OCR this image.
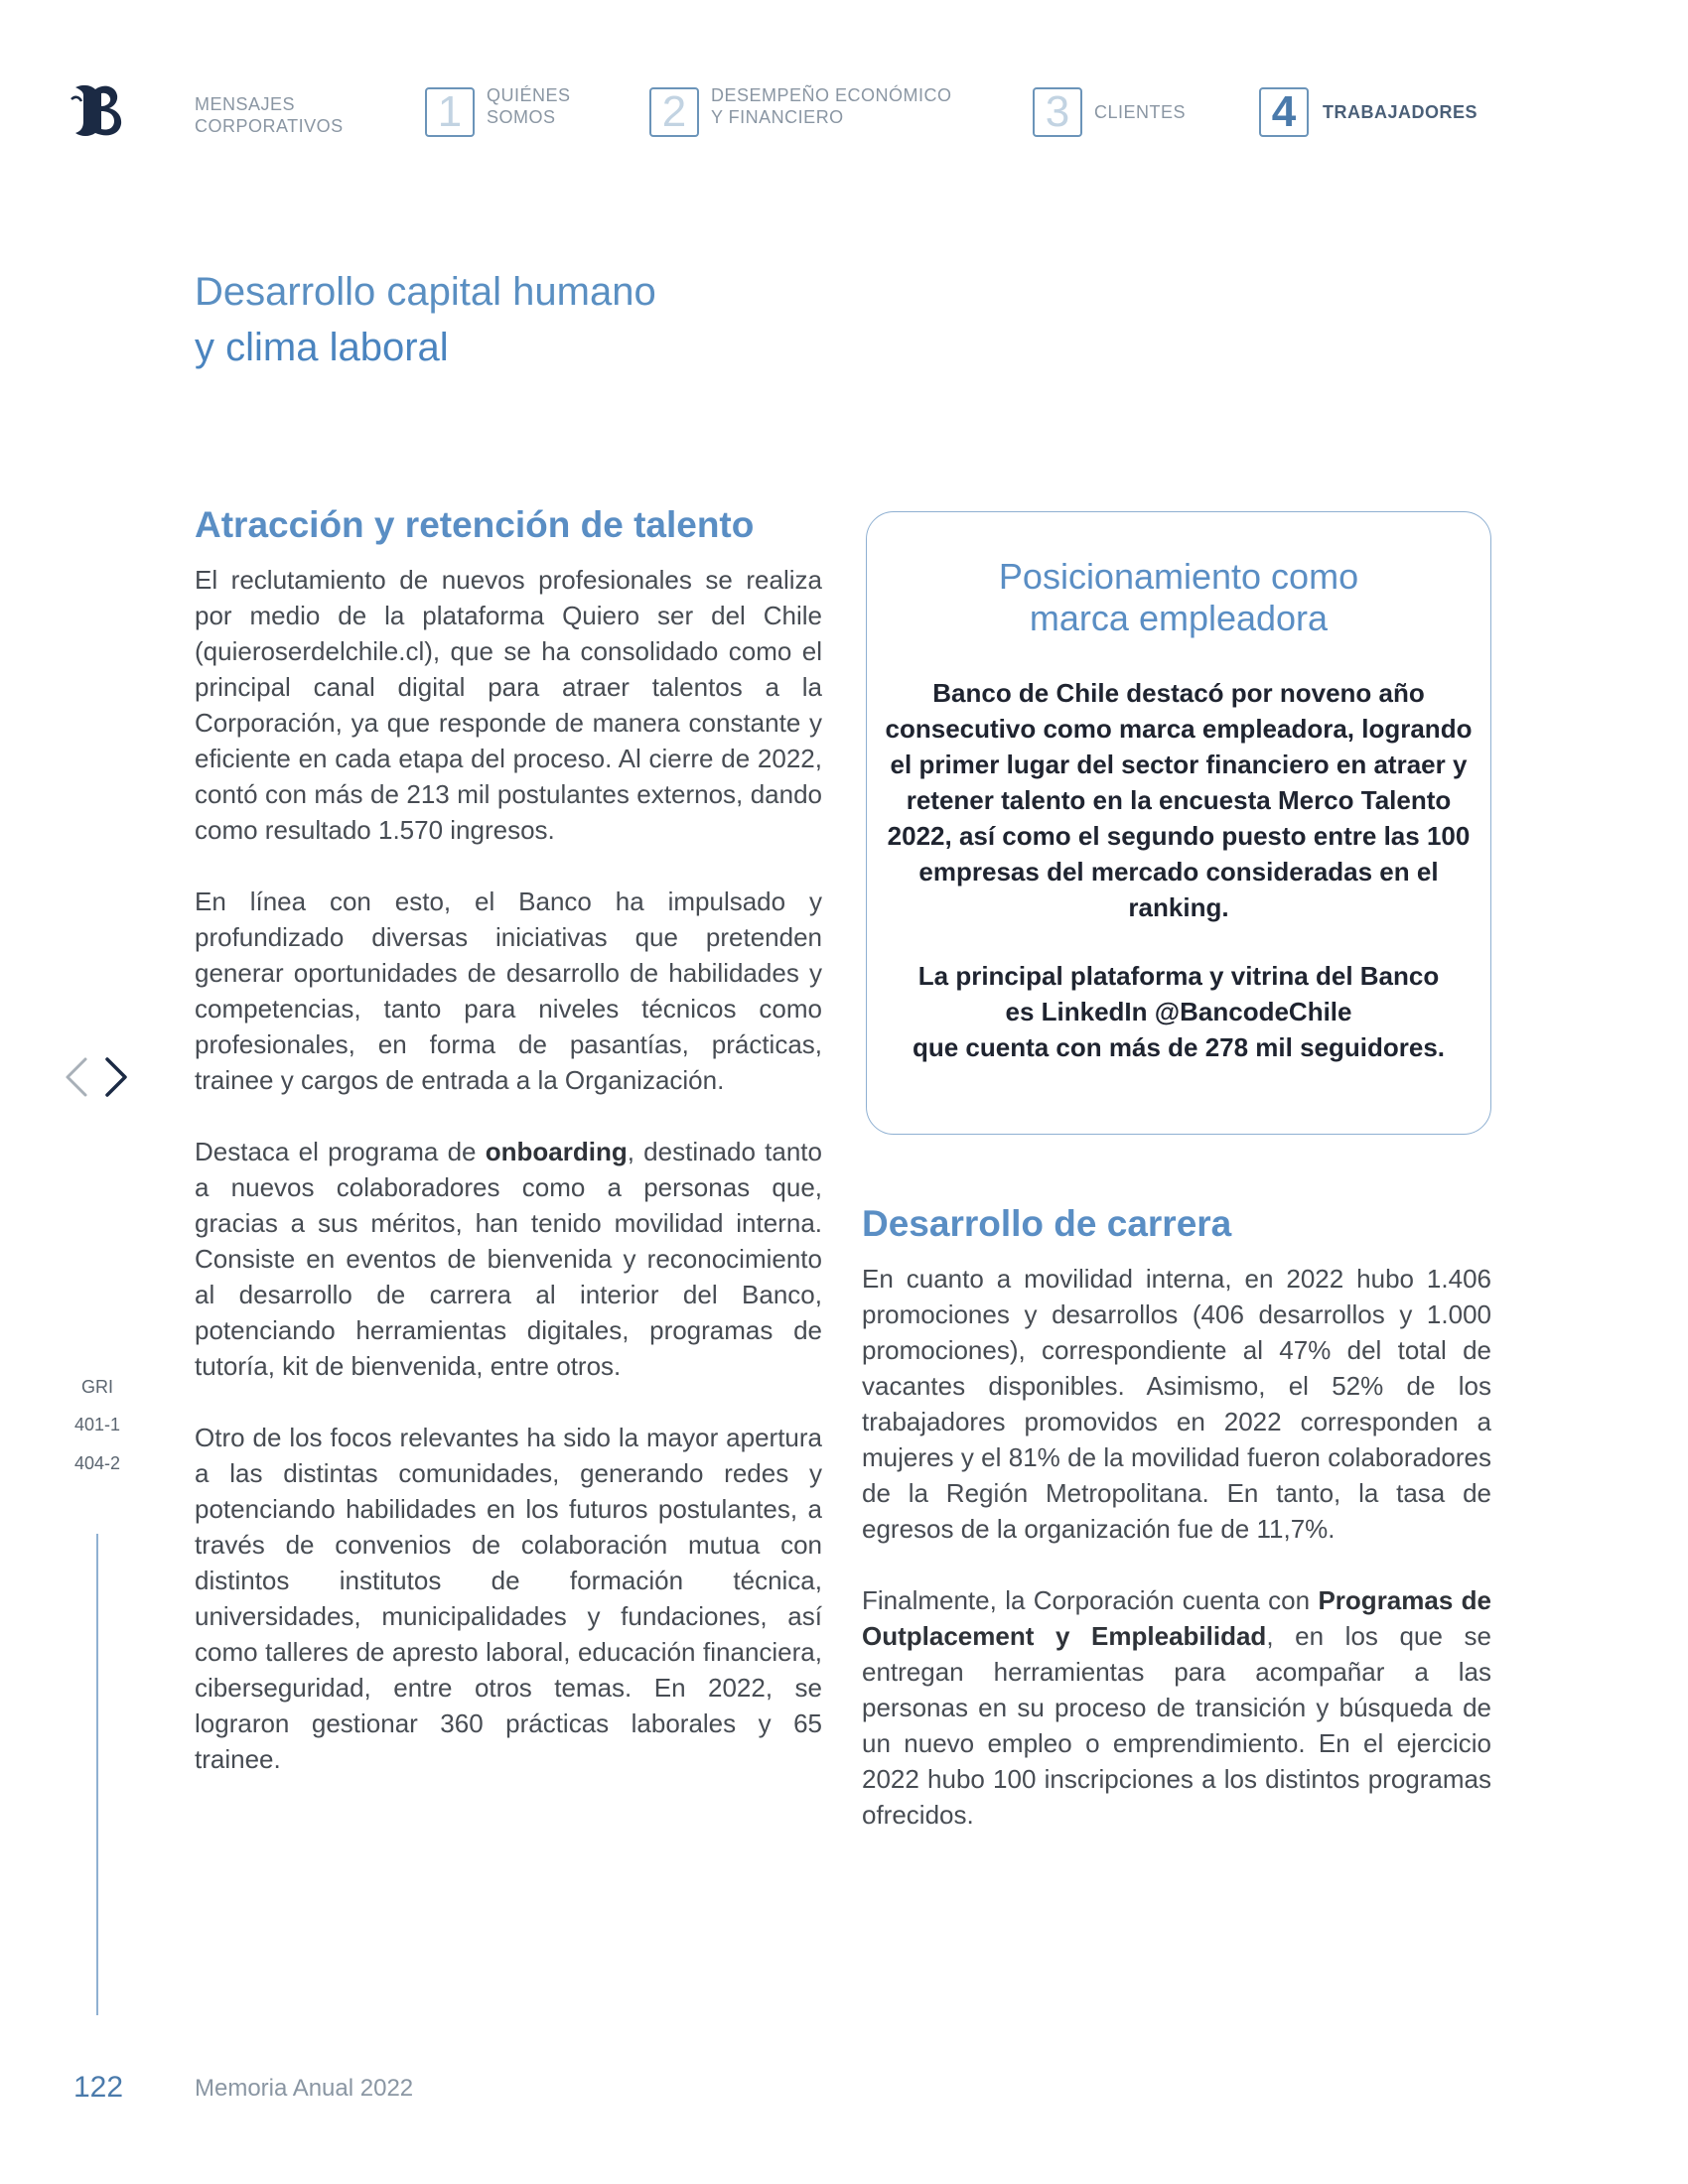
MENSAJES
CORPORATIVOS 1	QUIÉNES
SOMOS	2	DESEMPEÑO ECONÓMICO
Y FINANCIERO	3	CLIENTES 4	TRABAJADORES
Desarrollo capital humano
y clima laboral
Atracción y retención de talento

El reclutamiento de nuevos profesionales se realiza por medio de la plataforma Quiero ser del Chile (quieroserdelchile.cl), que se ha consolidado como el principal canal digital para atraer talentos a la Corporación, ya que responde de manera constante y eficiente en cada etapa del proceso. Al cierre de 2022, contó con más de 213 mil postulantes externos, dando como resultado 1.570 ingresos.

En línea con esto, el Banco ha impulsado y profundizado diversas iniciativas que pretenden generar oportunidades de desarrollo de habilidades y competencias, tanto para niveles técnicos como profesionales, en forma de pasantías, prácticas, trainee y cargos de entrada a la Organización.

Destaca el programa de onboarding, destinado tanto a nuevos colaboradores como a personas que, gracias a sus méritos, han tenido movilidad interna. Consiste en eventos de bienvenida y reconocimiento al desarrollo de carrera al interior del Banco, potenciando herramientas digitales, programas de tutoría, kit de bienvenida, entre otros.

Otro de los focos relevantes ha sido la mayor apertura a las distintas comunidades, generando redes y potenciando habilidades en los futuros postulantes, a través de convenios de colaboración mutua con distintos institutos de formación técnica, universidades, municipalidades y fundaciones, así como talleres de apresto laboral, educación financiera, ciberseguridad, entre otros temas. En 2022, se lograron gestionar 360 prácticas laborales y 65 trainee.

Posicionamiento como
marca empleadora

Banco de Chile destacó por noveno año consecutivo como marca empleadora, logrando el primer lugar del sector financiero en atraer y retener talento en la encuesta Merco Talento 2022, así como el segundo puesto entre las 100 empresas del mercado consideradas en el ranking.

La principal plataforma y vitrina del Banco
es LinkedIn @BancodeChile
que cuenta con más de 278 mil seguidores.
Desarrollo de carrera

En cuanto a movilidad interna, en 2022 hubo 1.406 promociones y desarrollos (406 desarrollos y 1.000 promociones), correspondiente al 47% del total de vacantes disponibles. Asimismo, el 52% de los trabajadores promovidos en 2022 corresponden a mujeres y el 81% de la movilidad fueron colaboradores de la Región Metropolitana. En tanto, la tasa de egresos de la organización fue de 11,7%.

Finalmente, la Corporación cuenta con Programas de Outplacement y Empleabilidad, en los que se entregan herramientas para acompañar a las personas en su proceso de transición y búsqueda de un nuevo empleo o emprendimiento. En el ejercicio 2022 hubo 100 inscripciones a los distintos programas ofrecidos.

GRI
401-1
404-2
122	Memoria Anual 2022
